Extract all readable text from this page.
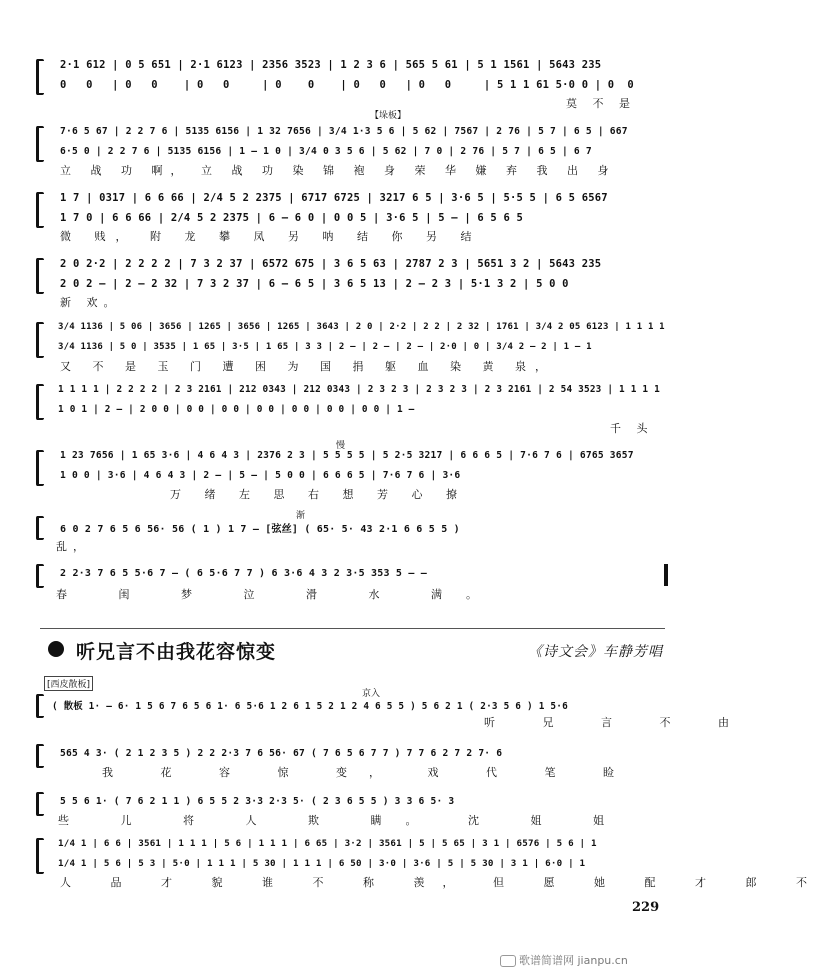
2·1 612 | 0 5 651 | 2·1 6123 | 2356 3523 | 1 2 3 6 | 565 5 61 | 5 1 1561 | 5643 235
0   0   | 0   0    | 0   0     | 0    0    | 0   0   | 0   0     | 5 1 1 61 5·0 0 | 0  0
莫 不 是
【垛板】
7·6 5 67 | 2 2 7 6 | 5135 6156 | 1 32 7656 | 3/4 1·3 5 6 | 5 62 | 7567 | 2 76 | 5 7 | 6 5 | 667
6·5 0 | 2 2 7 6 | 5135 6156 | 1 — 1 0 | 3/4 0 3 5 6 | 5 62 | 7 0 | 2 76 | 5 7 | 6 5 | 6 7
立 战 功 啊， 立 战 功 染 锦 袍 身 荣 华 嫌 弃 我 出 身
1 7 | 0317 | 6 6 66 | 2/4 5 2 2375 | 6717 6725 | 3217 6 5 | 3·6 5 | 5·5 5 | 6 5 6567
1 7 0 | 6 6 66 | 2/4 5 2 2375 | 6 — 6 0 | 0 0 5 | 3·6 5 | 5 — | 6 5 6 5
微 贱， 附 龙 攀 凤 另 呐 结 你 另 结
2 0 2·2 | 2 2 2 2 | 7 3 2 37 | 6572 675 | 3 6 5 63 | 2787 2 3 | 5651 3 2 | 5643 235
2 0 2 — | 2 — 2 32 | 7 3 2 37 | 6 — 6 5 | 3 6 5 13 | 2 — 2 3 | 5·1 3 2 | 5 0 0
新 欢。
3/4 1136 | 5 06 | 3656 | 1265 | 3656 | 1265 | 3643 | 2 0 | 2·2 | 2 2 | 2 32 | 1761 | 3/4 2 05 6123 | 1 1 1 1
3/4 1136 | 5 0 | 3535 | 1 65 | 3·5 | 1 65 | 3 3 | 2 — | 2 — | 2 — | 2·0 | 0 | 3/4 2 — 2 | 1 — 1
又 不 是 玉 门 遭 困 为 国 捐 躯 血 染 黄 泉，
1 1 1 1 | 2 2 2 2 | 2 3 2161 | 212 0343 | 212 0343 | 2 3 2 3 | 2 3 2 3 | 2 3 2161 | 2 54 3523 | 1 1 1 1
1 0 1 | 2 — | 2 0 0 | 0 0 | 0 0 | 0 0 | 0 0 | 0 0 | 0 0 | 1 —
千 头
慢
1 23 7656 | 1 65 3·6 | 4 6 4 3 | 2376 2 3 | 5 5 5 5 | 5 2·5 3217 | 6 6 6 5 | 7·6 7 6 | 6765 3657
1 0 0 | 3·6 | 4 6 4 3 | 2 — | 5 — | 5 0 0 | 6 6 6 5 | 7·6 7 6 | 3·6
万 绪 左 思 右 想 芳 心 撩
渐
6 0 2 7 6 5 6 56· 56 ( 1 ) 1 7 — [弦丝] ( 65· 5· 43 2·1 6 6 5 5 )
乱，
2 2·3 7 6 5 5·6 7 — ( 6 5·6 7 7 ) 6 3·6 4 3 2 3·5 353 5 — —
春 闺 梦 泣 滑 水 满。
听兄言不由我花容惊变	《诗文会》车静芳唱
[西皮散板]
京入
( 散板 1· — 6· 1 5 6 7 6 5 6 1· 6 5·6 1 2 6 1 5 2 1 2 4 6 5 5 ) 5 6 2 1 ( 2·3 5 6 ) 1 5·6
听 兄 言 不 由
565 4 3· ( 2 1 2 3 5 ) 2 2 2·3 7 6 56· 67 ( 7 6 5 6 7 7 ) 7 7 6 2 7 2 7· 6
我 花 容 惊 变， 戏 代 笔 睑
5 5 6 1· ( 7 6 2 1 1 ) 6 5 5 2 3·3 2·3 5· ( 2 3 6 5 5 ) 3 3 6 5· 3
些 儿 将 人 欺 瞒。 沈 姐 姐
1/4 1 | 6 6 | 3561 | 1 1 1 | 5 6 | 1 1 1 | 6 65 | 3·2 | 3561 | 5 | 5 65 | 3 1 | 6576 | 5 6 | 1
1/4 1 | 5 6 | 5 3 | 5·0 | 1 1 1 | 5 30 | 1 1 1 | 6 50 | 3·0 | 3·6 | 5 | 5 30 | 3 1 | 6·0 | 1
人 品 才 貌 谁 不 称 羡， 但 愿 她 配 才 郎 不
229
歌谱简谱网 jianpu.cn
